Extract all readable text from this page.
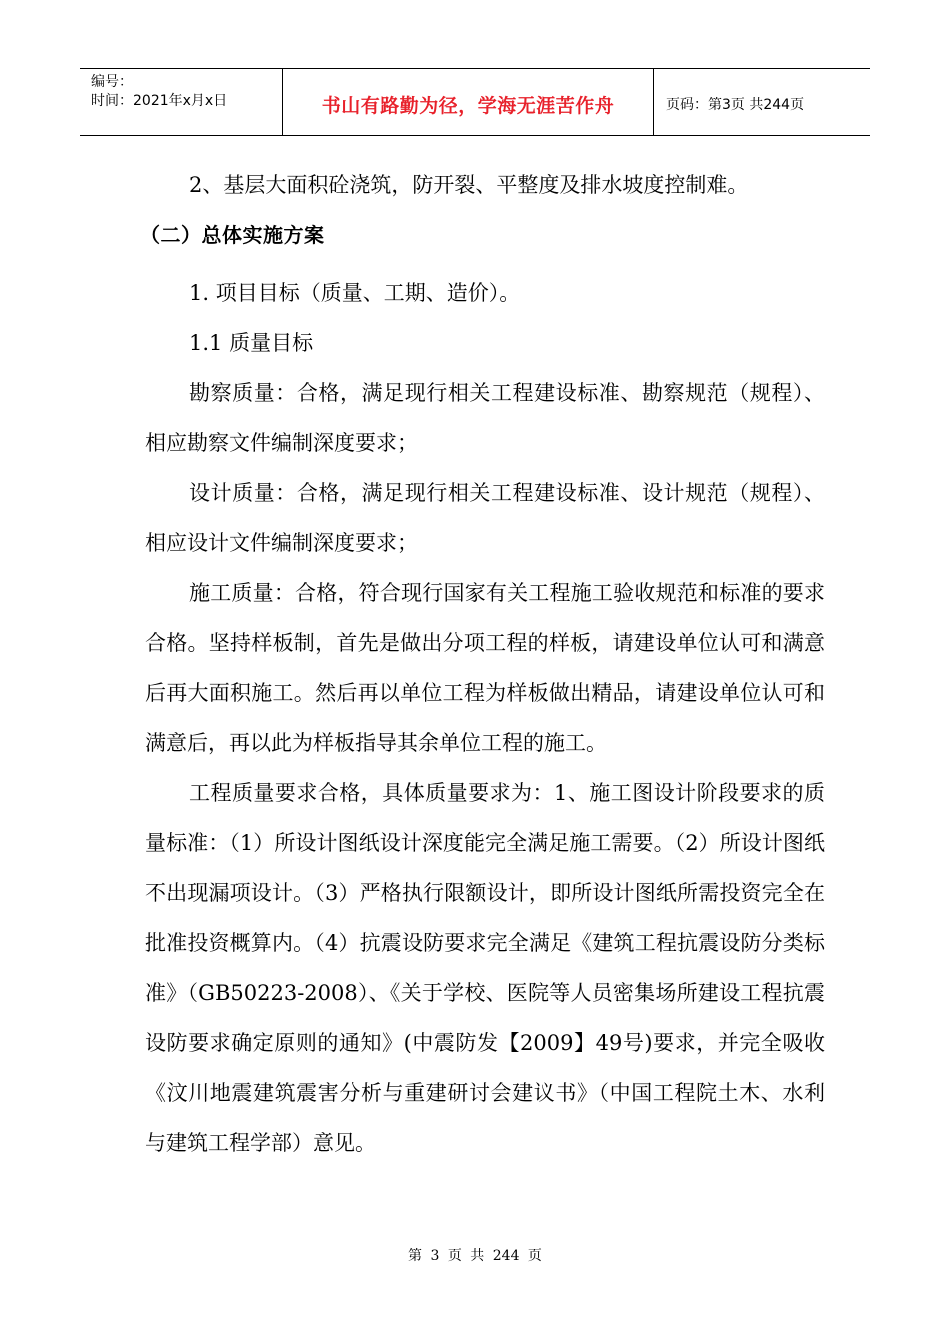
编号：
时间：2021年x月x日	书山有路勤为径，学海无涯苦作舟	页码：第3页 共244页

2、基层大面积砼浇筑，防开裂、平整度及排水坡度控制难。

（二）总体实施方案

1. 项目目标（质量、工期、造价）。

1.1 质量目标

勘察质量：合格，满足现行相关工程建设标准、勘察规范（规程）、相应勘察文件编制深度要求；

设计质量：合格，满足现行相关工程建设标准、设计规范（规程）、相应设计文件编制深度要求；

施工质量：合格，符合现行国家有关工程施工验收规范和标准的要求合格。坚持样板制，首先是做出分项工程的样板，请建设单位认可和满意后再大面积施工。然后再以单位工程为样板做出精品，请建设单位认可和满意后，再以此为样板指导其余单位工程的施工。

工程质量要求合格，具体质量要求为：1、施工图设计阶段要求的质量标准：（1）所设计图纸设计深度能完全满足施工需要。（2）所设计图纸不出现漏项设计。（3）严格执行限额设计，即所设计图纸所需投资完全在批准投资概算内。（4）抗震设防要求完全满足《建筑工程抗震设防分类标准》（GB50223-2008）、《关于学校、医院等人员密集场所建设工程抗震设防要求确定原则的通知》(中震防发【2009】49号)要求，并完全吸收《汶川地震建筑震害分析与重建研讨会建议书》（中国工程院土木、水利与建筑工程学部）意见。

第 3 页 共 244 页
